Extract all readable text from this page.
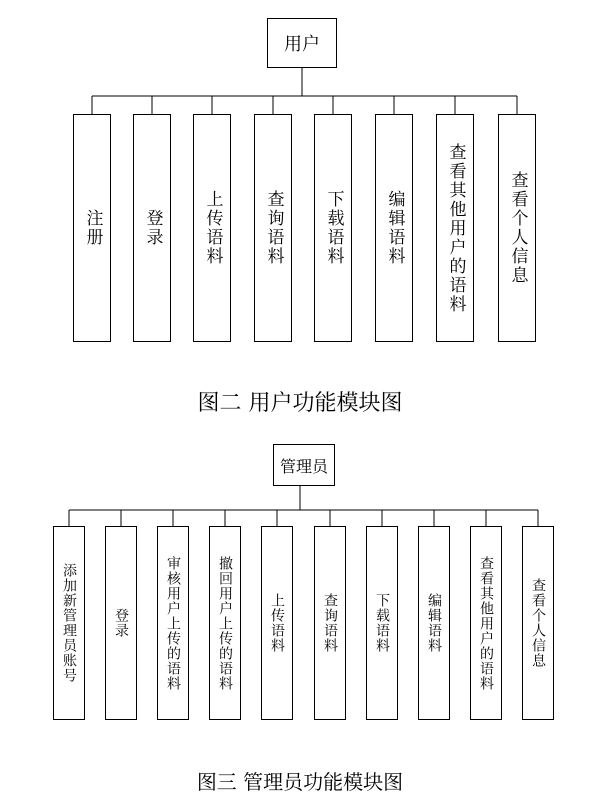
用户
注册 登录 上传语料 查询语料 下载语料 编辑语料 查看其他用户的语料 查看个人信息
图二 用户功能模块图
管理员
添加新管理员账号	登录	审核用户上传的语料	撤回用户上传的语料	上传语料	查询语料	下载语料	编辑语料	查看其他用户的语料	查看个人信息
图三 管理员功能模块图
